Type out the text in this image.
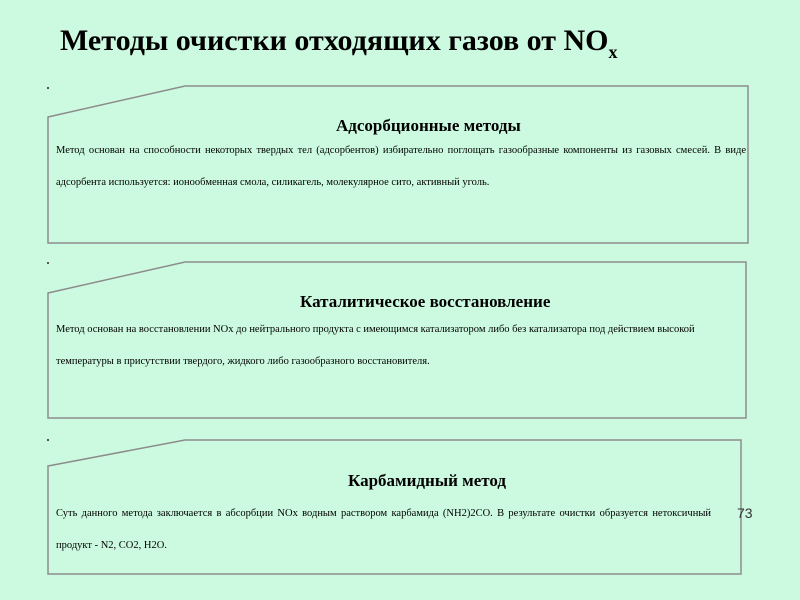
Методы очистки отходящих газов от $NO_x$
Адсорбционные методы
Метод основан на способности некоторых твердых тел (адсорбентов) избирательно поглощать газообразные компоненты из газовых смесей. В виде адсорбента используется: ионообменная смола, силикагель, молекулярное сито, активный уголь.
Каталитическое восстановление
Метод основан на восстановлении NOx до нейтрального продукта с имеющимся катализатором либо без катализатора под действием высокой температуры в присутствии твердого, жидкого либо газообразного восстановителя.
Карбамидный метод
Суть данного метода заключается в абсорбции NOx водным раствором карбамида (NH2)2CO. В результате очистки образуется нетоксичный продукт - N2, CO2, H2O.
73
